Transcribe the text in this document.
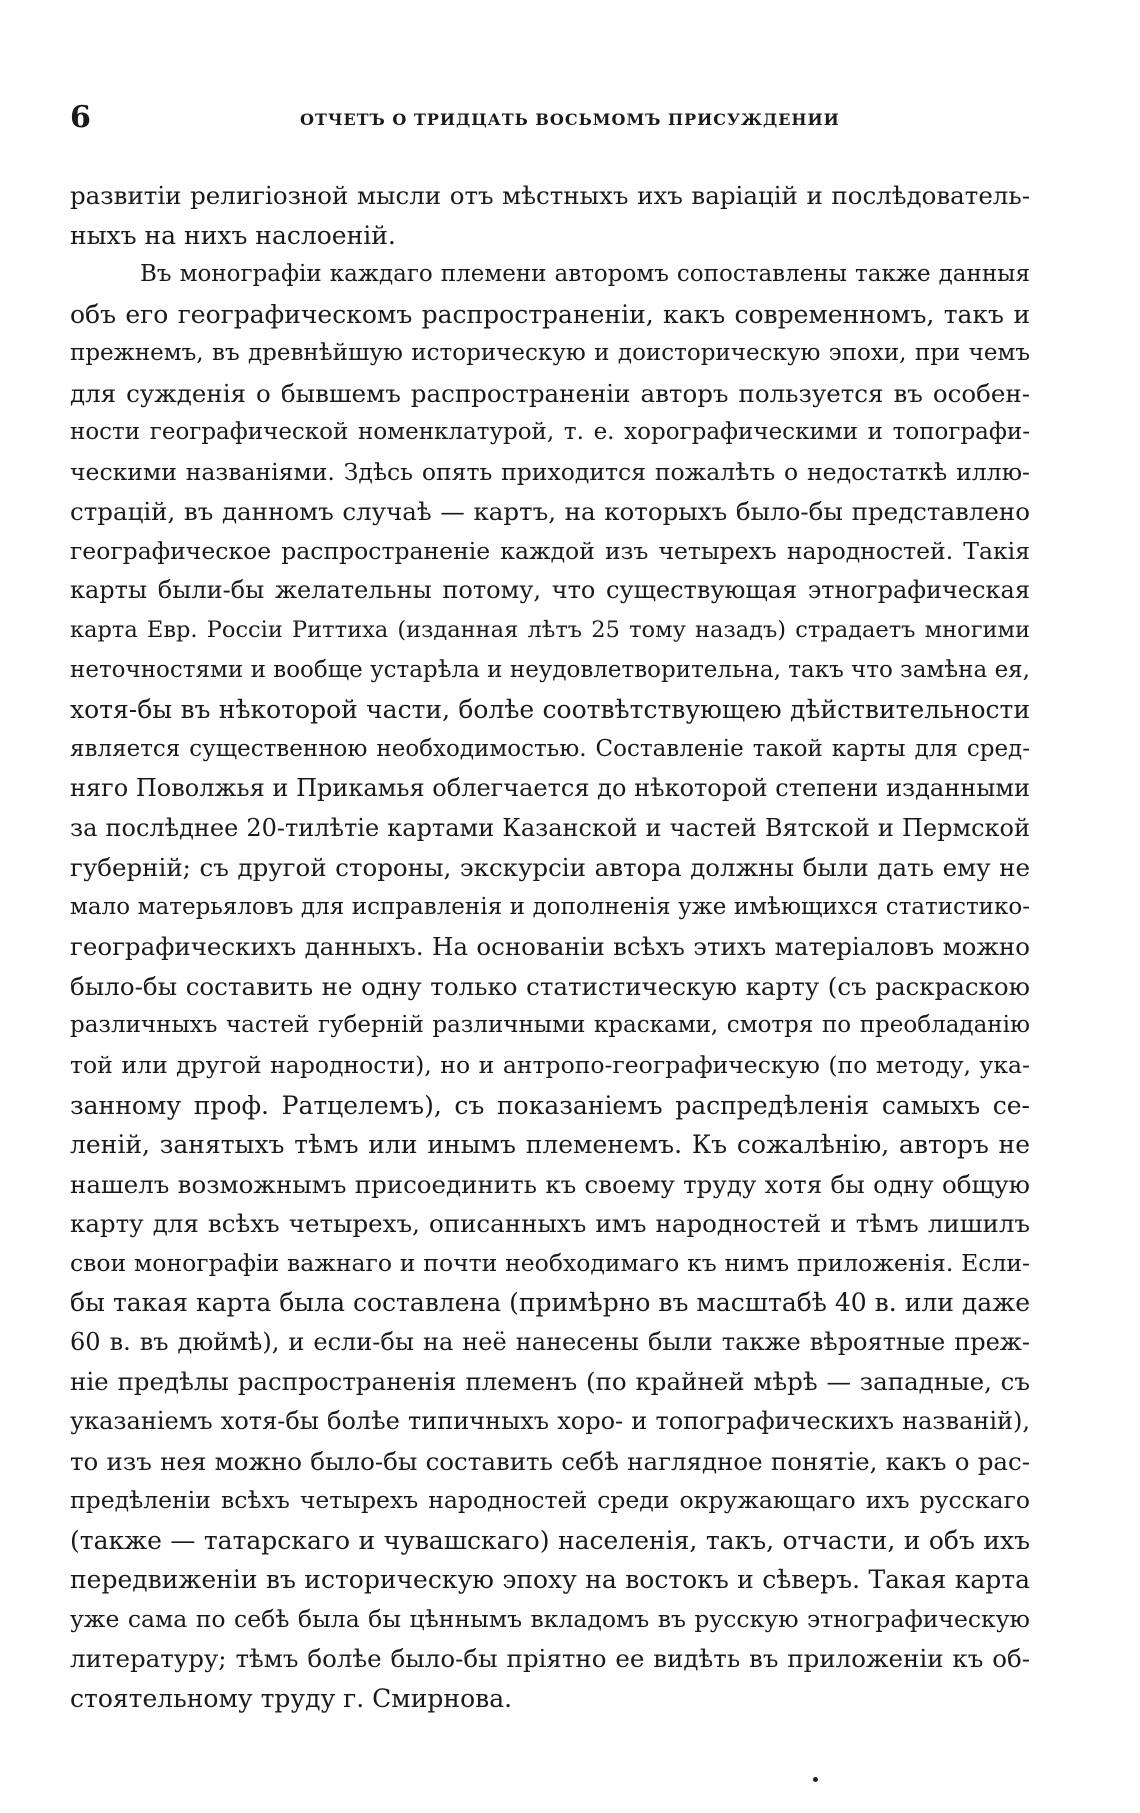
6	ОТЧЕТЪ О ТРИДЦАТЬ ВОСЬМОМЪ ПРИСУЖДЕНИИ
развитіи религіозной мысли отъ мѣстныхъ ихъ варіацій и послѣдователь-
ныхъ на нихъ наслоеній.
Въ монографіи каждаго племени авторомъ сопоставлены также данныя
объ его географическомъ распространеніи, какъ современномъ, такъ и
прежнемъ, въ древнѣйшую историческую и доисторическую эпохи, при чемъ
для сужденія о бывшемъ распространеніи авторъ пользуется въ особен-
ности географической номенклатурой, т. е. хорографическими и топографи-
ческими названіями. Здѣсь опять приходится пожалѣть о недостаткѣ иллю-
страцій, въ данномъ случаѣ — картъ, на которыхъ было-бы представлено
географическое распространеніе каждой изъ четырехъ народностей. Такія
карты были-бы желательны потому, что существующая этнографическая
карта Евр. Россіи Риттиха (изданная лѣтъ 25 тому назадъ) страдаетъ многими
неточностями и вообще устарѣла и неудовлетворительна, такъ что замѣна ея,
хотя-бы въ нѣкоторой части, болѣе соотвѣтствующею дѣйствительности
является существенною необходимостью. Составленіе такой карты для сред-
няго Поволжья и Прикамья облегчается до нѣкоторой степени изданными
за послѣднее 20-тилѣтіе картами Казанской и частей Вятской и Пермской
губерній; съ другой стороны, экскурсіи автора должны были дать ему не
мало матерьяловъ для исправленія и дополненія уже имѣющихся статистико-
географическихъ данныхъ. На основаніи всѣхъ этихъ матеріаловъ можно
было-бы составить не одну только статистическую карту (съ раскраскою
различныхъ частей губерній различными красками, смотря по преобладанію
той или другой народности), но и антропо-географическую (по методу, ука-
занному проф. Ратцелемъ), съ показаніемъ распредѣленія самыхъ се-
леній, занятыхъ тѣмъ или инымъ племенемъ. Къ сожалѣнію, авторъ не
нашелъ возможнымъ присоединить къ своему труду хотя бы одну общую
карту для всѣхъ четырехъ, описанныхъ имъ народностей и тѣмъ лишилъ
свои монографіи важнаго и почти необходимаго къ нимъ приложенія. Если-
бы такая карта была составлена (примѣрно въ масштабѣ 40 в. или даже
60 в. въ дюймѣ), и если-бы на неё нанесены были также вѣроятные преж-
ніе предѣлы распространенія племенъ (по крайней мѣрѣ — западные, съ
указаніемъ хотя-бы болѣе типичныхъ хоро- и топографическихъ названій),
то изъ нея можно было-бы составить себѣ наглядное понятіе, какъ о рас-
предѣленіи всѣхъ четырехъ народностей среди окружающаго ихъ русскаго
(также — татарскаго и чувашскаго) населенія, такъ, отчасти, и объ ихъ
передвиженіи въ историческую эпоху на востокъ и сѣверъ. Такая карта
уже сама по себѣ была бы цѣннымъ вкладомъ въ русскую этнографическую
литературу; тѣмъ болѣе было-бы пріятно ее видѣть въ приложеніи къ об-
стоятельному труду г. Смирнова.
